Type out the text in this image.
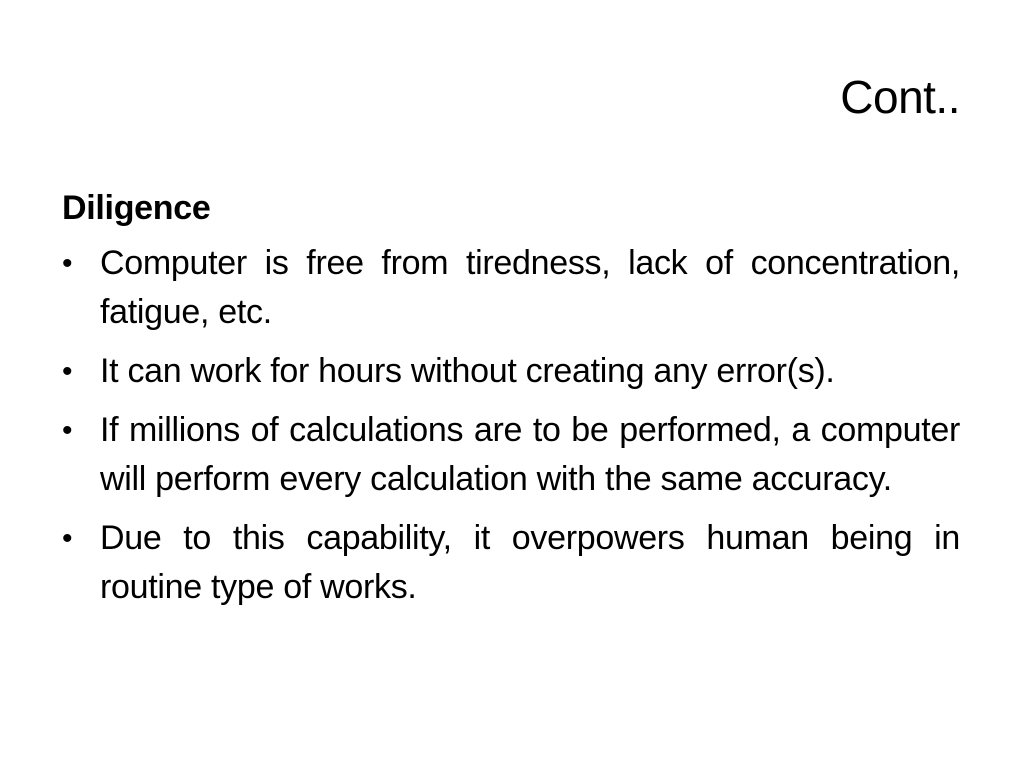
Cont..

Diligence

• Computer is free from tiredness, lack of concentration, fatigue, etc.
• It can work for hours without creating any error(s).
• If millions of calculations are to be performed, a computer will perform every calculation with the same accuracy.
• Due to this capability, it overpowers human being in routine type of works.
